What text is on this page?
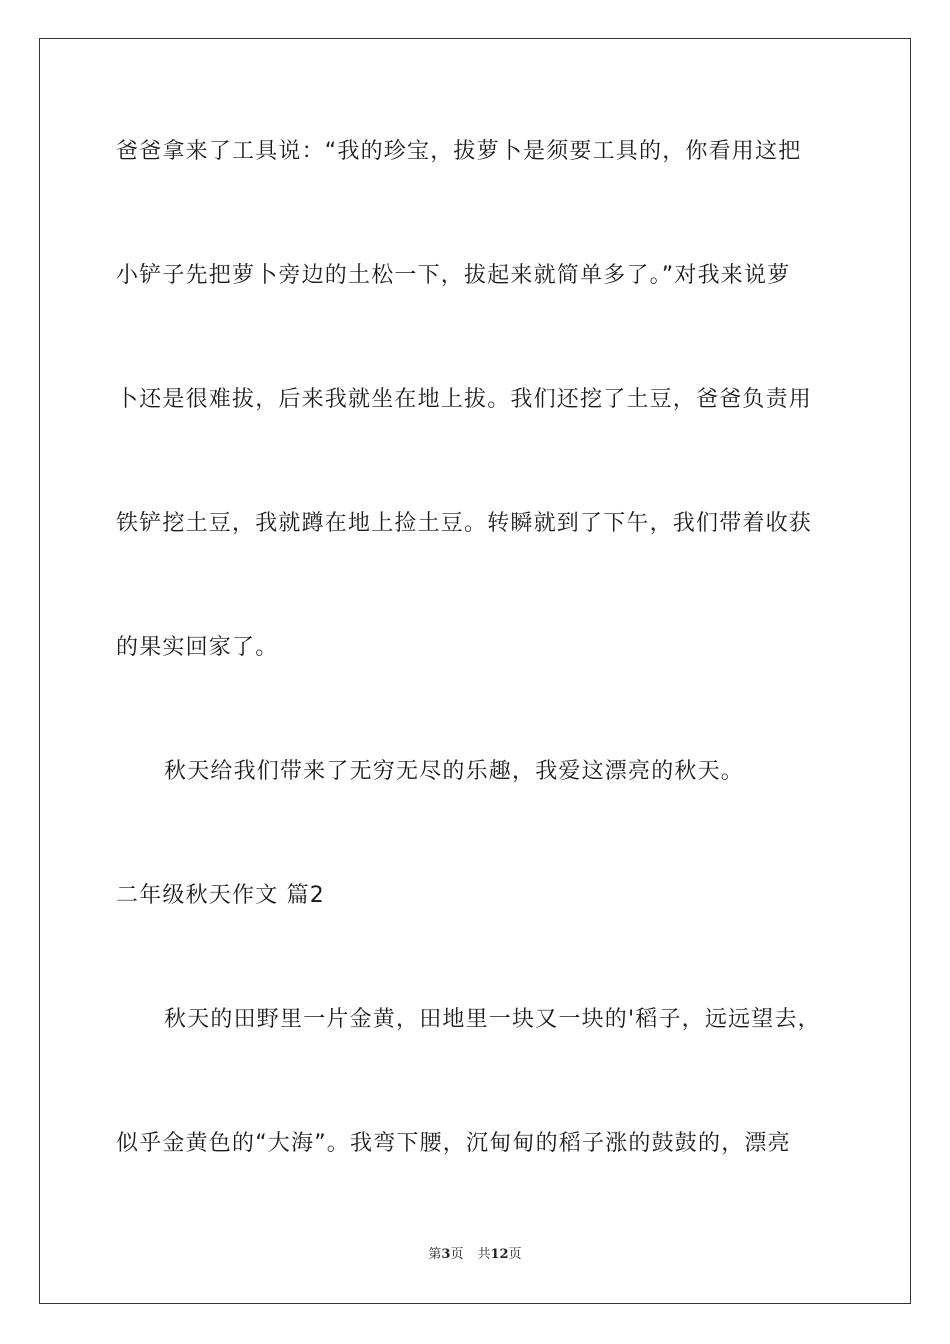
爸爸拿来了工具说：“我的珍宝，拔萝卜是须要工具的，你看用这把
小铲子先把萝卜旁边的土松一下，拔起来就简单多了。”对我来说萝
卜还是很难拔，后来我就坐在地上拔。我们还挖了土豆，爸爸负责用
铁铲挖土豆，我就蹲在地上捡土豆。转瞬就到了下午，我们带着收获
的果实回家了。
秋天给我们带来了无穷无尽的乐趣，我爱这漂亮的秋天。
二年级秋天作文 篇2
秋天的田野里一片金黄，田地里一块又一块的'稻子，远远望去，
似乎金黄色的“大海”。我弯下腰，沉甸甸的稻子涨的鼓鼓的，漂亮
第3页 共12页
